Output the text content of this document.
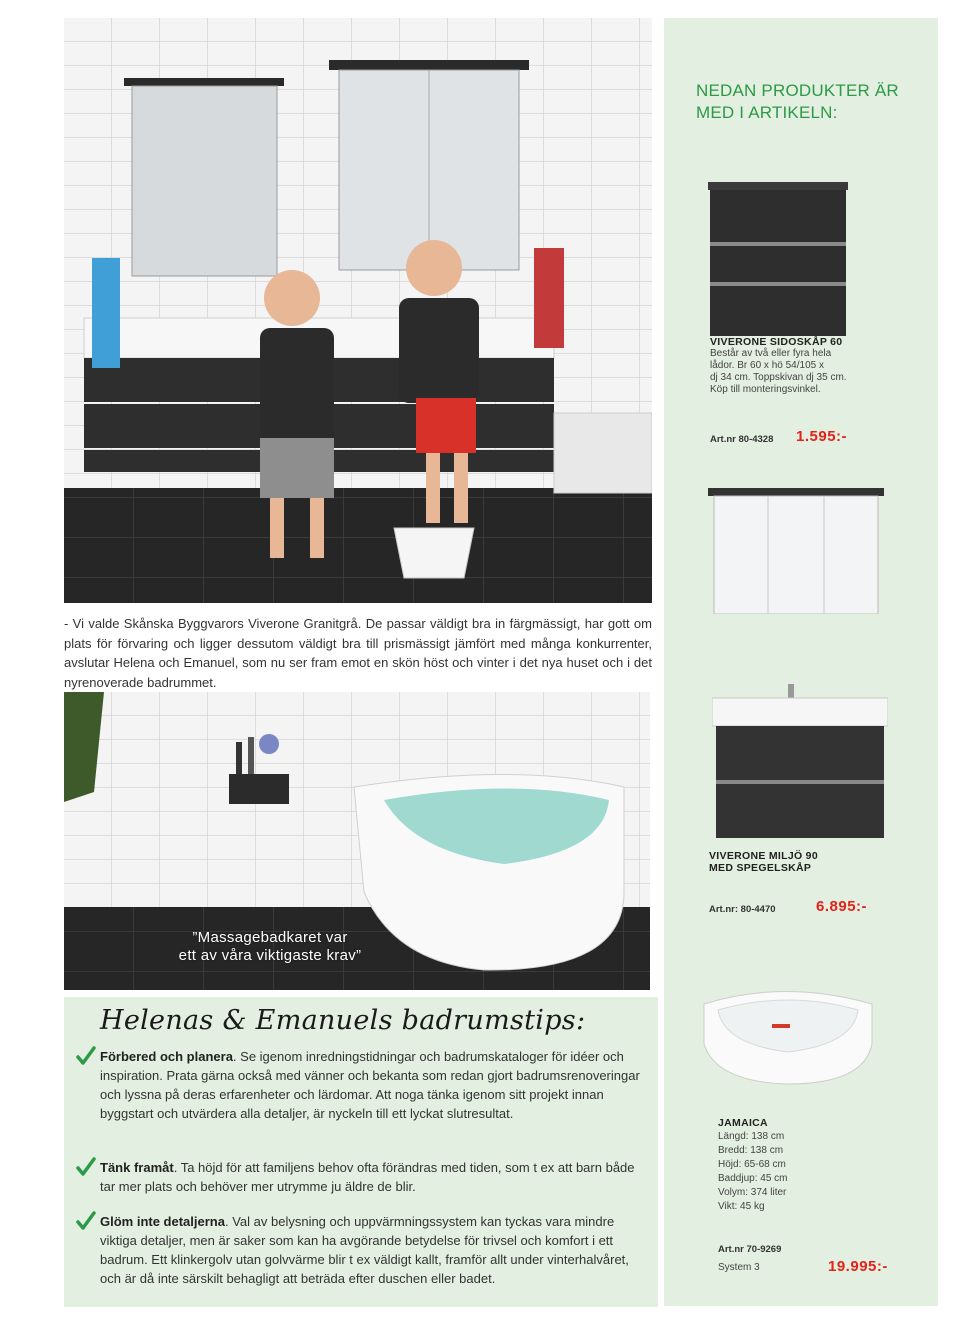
- Vi valde Skånska Byggvarors Viverone Granitgrå. De passar väldigt bra in färgmässigt, har gott om plats för förvaring och ligger dessutom väldigt bra till prismässigt jämfört med många konkurrenter, avslutar Helena och Emanuel, som nu ser fram emot en skön höst och vinter i det nya huset och i det nyrenoverade badrummet.
”Massagebadkaret var
ett av våra viktigaste krav”
Helenas & Emanuels badrumstips:
Förbered och planera. Se igenom inredningstidningar och badrumskataloger för idéer och inspiration. Prata gärna också med vänner och bekanta som redan gjort badrumsrenoveringar och lyssna på deras erfarenheter och lärdomar. Att noga tänka igenom sitt projekt innan byggstart och utvärdera alla detaljer, är nyckeln till ett lyckat slutresultat.
Tänk framåt. Ta höjd för att familjens behov ofta förändras med tiden, som t ex att barn både tar mer plats och behöver mer utrymme ju äldre de blir.
Glöm inte detaljerna. Val av belysning och uppvärmningssystem kan tyckas vara mindre viktiga detaljer, men är saker som kan ha avgörande betydelse för trivsel och komfort i ett badrum. Ett klinkergolv utan golvvärme blir t ex väldigt kallt, framför allt under vinterhalvåret, och är då inte särskilt behagligt att beträda efter duschen eller badet.
NEDAN PRODUKTER ÄR
MED I ARTIKELN:
VIVERONE SIDOSKÅP 60
Består av två eller fyra hela
lådor. Br 60 x hö 54/105 x
dj 34 cm. Toppskivan dj 35 cm.
Köp till monteringsvinkel.
Art.nr 80-4328 1.595:-
VIVERONE MILJÖ 90
MED SPEGELSKÅP
Art.nr: 80-4470	6.895:-
JAMAICA
Längd: 138 cm
Bredd: 138 cm
Höjd: 65-68 cm
Baddjup: 45 cm
Volym: 374 liter
Vikt: 45 kg
Art.nr 70-9269
System 3	19.995:-
